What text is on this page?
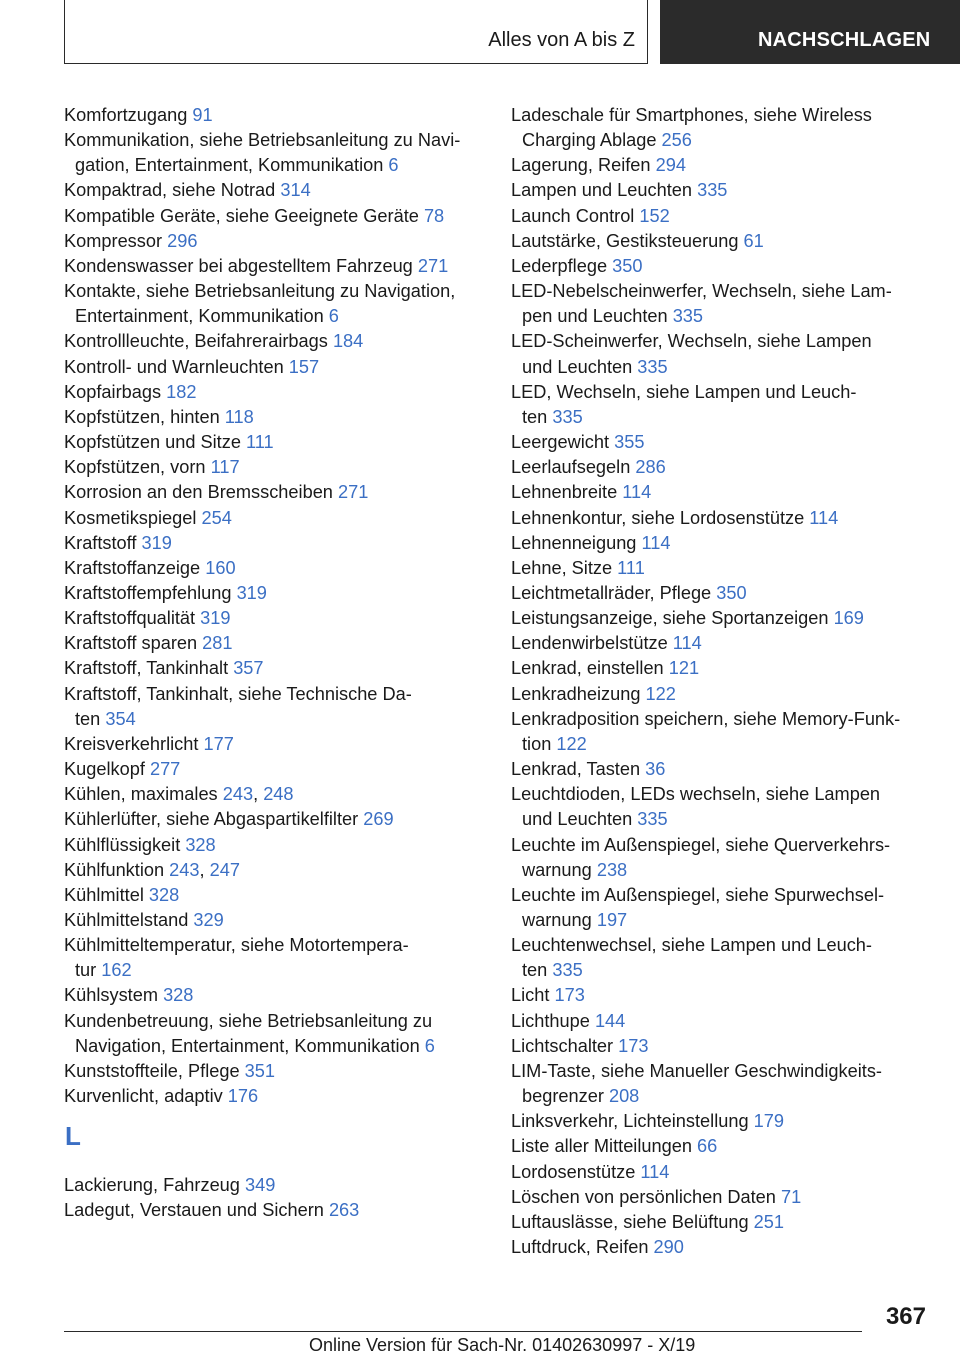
Alles von A bis Z	NACHSCHLAGEN
Komfortzugang 91
Kommunikation, siehe Betriebsanleitung zu Navi-
gation, Entertainment, Kommunikation 6
Kompaktrad, siehe Notrad 314
Kompatible Geräte, siehe Geeignete Geräte 78
Kompressor 296
Kondenswasser bei abgestelltem Fahrzeug 271
Kontakte, siehe Betriebsanleitung zu Navigation,
Entertainment, Kommunikation 6
Kontrollleuchte, Beifahrerairbags 184
Kontroll- und Warnleuchten 157
Kopfairbags 182
Kopfstützen, hinten 118
Kopfstützen und Sitze 111
Kopfstützen, vorn 117
Korrosion an den Bremsscheiben 271
Kosmetikspiegel 254
Kraftstoff 319
Kraftstoffanzeige 160
Kraftstoffempfehlung 319
Kraftstoffqualität 319
Kraftstoff sparen 281
Kraftstoff, Tankinhalt 357
Kraftstoff, Tankinhalt, siehe Technische Da-
ten 354
Kreisverkehrlicht 177
Kugelkopf 277
Kühlen, maximales 243, 248
Kühlerlüfter, siehe Abgaspartikelfilter 269
Kühlflüssigkeit 328
Kühlfunktion 243, 247
Kühlmittel 328
Kühlmittelstand 329
Kühlmitteltemperatur, siehe Motortempera-
tur 162
Kühlsystem 328
Kundenbetreuung, siehe Betriebsanleitung zu
Navigation, Entertainment, Kommunikation 6
Kunststoffteile, Pflege 351
Kurvenlicht, adaptiv 176
L
Lackierung, Fahrzeug 349
Ladegut, Verstauen und Sichern 263
Ladeschale für Smartphones, siehe Wireless
Charging Ablage 256
Lagerung, Reifen 294
Lampen und Leuchten 335
Launch Control 152
Lautstärke, Gestiksteuerung 61
Lederpflege 350
LED-Nebelscheinwerfer, Wechseln, siehe Lam-
pen und Leuchten 335
LED-Scheinwerfer, Wechseln, siehe Lampen
und Leuchten 335
LED, Wechseln, siehe Lampen und Leuch-
ten 335
Leergewicht 355
Leerlaufsegeln 286
Lehnenbreite 114
Lehnenkontur, siehe Lordosenstütze 114
Lehnenneigung 114
Lehne, Sitze 111
Leichtmetallräder, Pflege 350
Leistungsanzeige, siehe Sportanzeigen 169
Lendenwirbelstütze 114
Lenkrad, einstellen 121
Lenkradheizung 122
Lenkradposition speichern, siehe Memory-Funk-
tion 122
Lenkrad, Tasten 36
Leuchtdioden, LEDs wechseln, siehe Lampen
und Leuchten 335
Leuchte im Außenspiegel, siehe Querverkehrs-
warnung 238
Leuchte im Außenspiegel, siehe Spurwechsel-
warnung 197
Leuchtenwechsel, siehe Lampen und Leuch-
ten 335
Licht 173
Lichthupe 144
Lichtschalter 173
LIM-Taste, siehe Manueller Geschwindigkeits-
begrenzer 208
Linksverkehr, Lichteinstellung 179
Liste aller Mitteilungen 66
Lordosenstütze 114
Löschen von persönlichen Daten 71
Luftauslässe, siehe Belüftung 251
Luftdruck, Reifen 290
367
Online Version für Sach-Nr. 01402630997 - X/19
